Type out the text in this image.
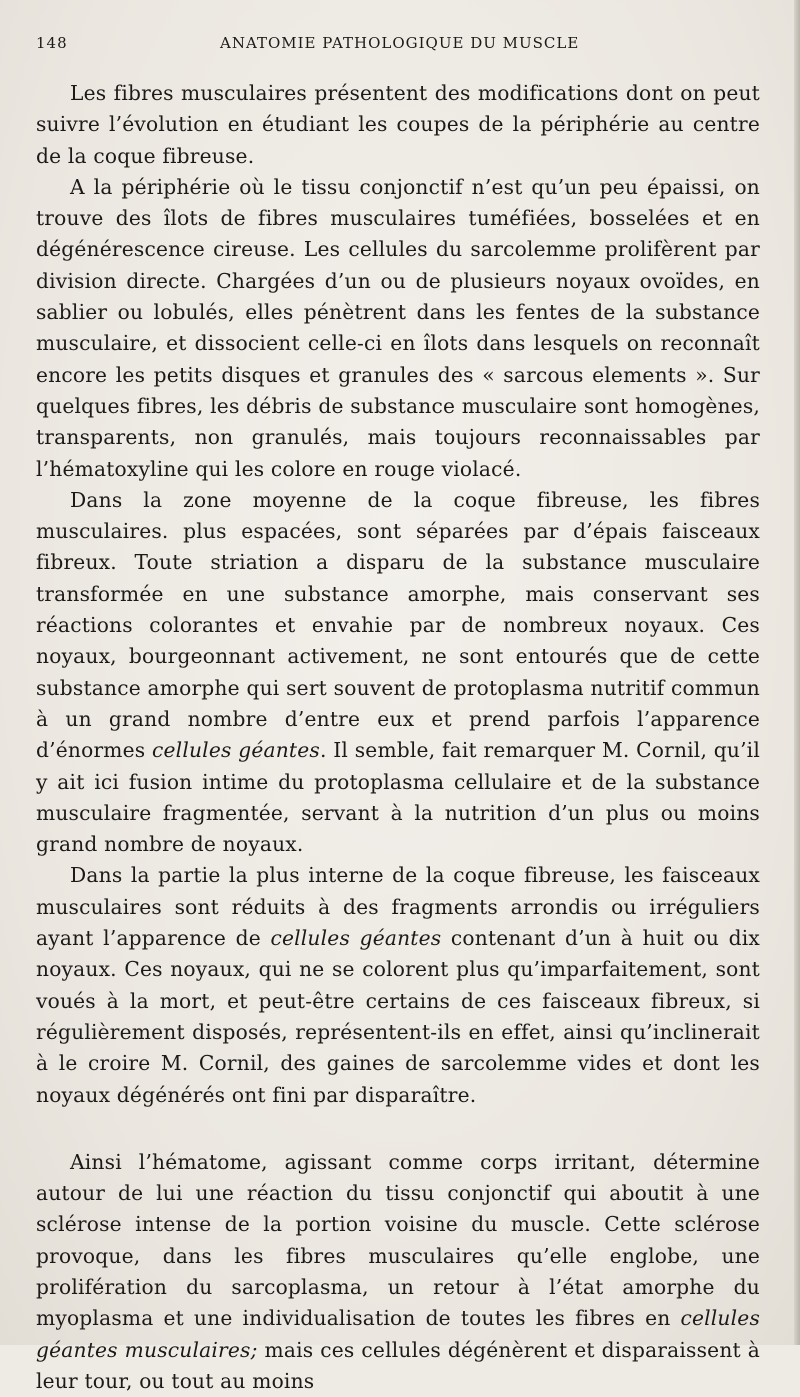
148	ANATOMIE PATHOLOGIQUE DU MUSCLE

Les fibres musculaires présentent des modifications dont on peut suivre l’évolution en étudiant les coupes de la périphérie au centre de la coque fibreuse.

A la périphérie où le tissu conjonctif n’est qu’un peu épaissi, on trouve des îlots de fibres musculaires tuméfiées, bosselées et en dégénérescence cireuse. Les cellules du sarcolemme prolifèrent par division directe. Chargées d’un ou de plusieurs noyaux ovoïdes, en sablier ou lobulés, elles pénètrent dans les fentes de la substance musculaire, et dissocient celle-ci en îlots dans lesquels on reconnaît encore les petits disques et granules des « sarcous elements ». Sur quelques fibres, les débris de substance musculaire sont homogènes, transparents, non granulés, mais toujours reconnaissables par l’hématoxyline qui les colore en rouge violacé.

Dans la zone moyenne de la coque fibreuse, les fibres musculaires. plus espacées, sont séparées par d’épais faisceaux fibreux. Toute striation a disparu de la substance musculaire transformée en une substance amorphe, mais conservant ses réactions colorantes et envahie par de nombreux noyaux. Ces noyaux, bourgeonnant activement, ne sont entourés que de cette substance amorphe qui sert souvent de protoplasma nutritif commun à un grand nombre d’entre eux et prend parfois l’apparence d’énormes cellules géantes. Il semble, fait remarquer M. Cornil, qu’il y ait ici fusion intime du protoplasma cellulaire et de la substance musculaire fragmentée, servant à la nutrition d’un plus ou moins grand nombre de noyaux.

Dans la partie la plus interne de la coque fibreuse, les faisceaux musculaires sont réduits à des fragments arrondis ou irréguliers ayant l’apparence de cellules géantes contenant d’un à huit ou dix noyaux. Ces noyaux, qui ne se colorent plus qu’imparfaitement, sont voués à la mort, et peut-être certains de ces faisceaux fibreux, si régulièrement disposés, représentent-ils en effet, ainsi qu’inclinerait à le croire M. Cornil, des gaines de sarcolemme vides et dont les noyaux dégénérés ont fini par disparaître.

Ainsi l’hématome, agissant comme corps irritant, détermine autour de lui une réaction du tissu conjonctif qui aboutit à une sclérose intense de la portion voisine du muscle. Cette sclérose provoque, dans les fibres musculaires qu’elle englobe, une prolifération du sarcoplasma, un retour à l’état amorphe du myoplasma et une individualisation de toutes les fibres en cellules géantes musculaires; mais ces cellules dégénèrent et disparaissent à leur tour, ou tout au moins
